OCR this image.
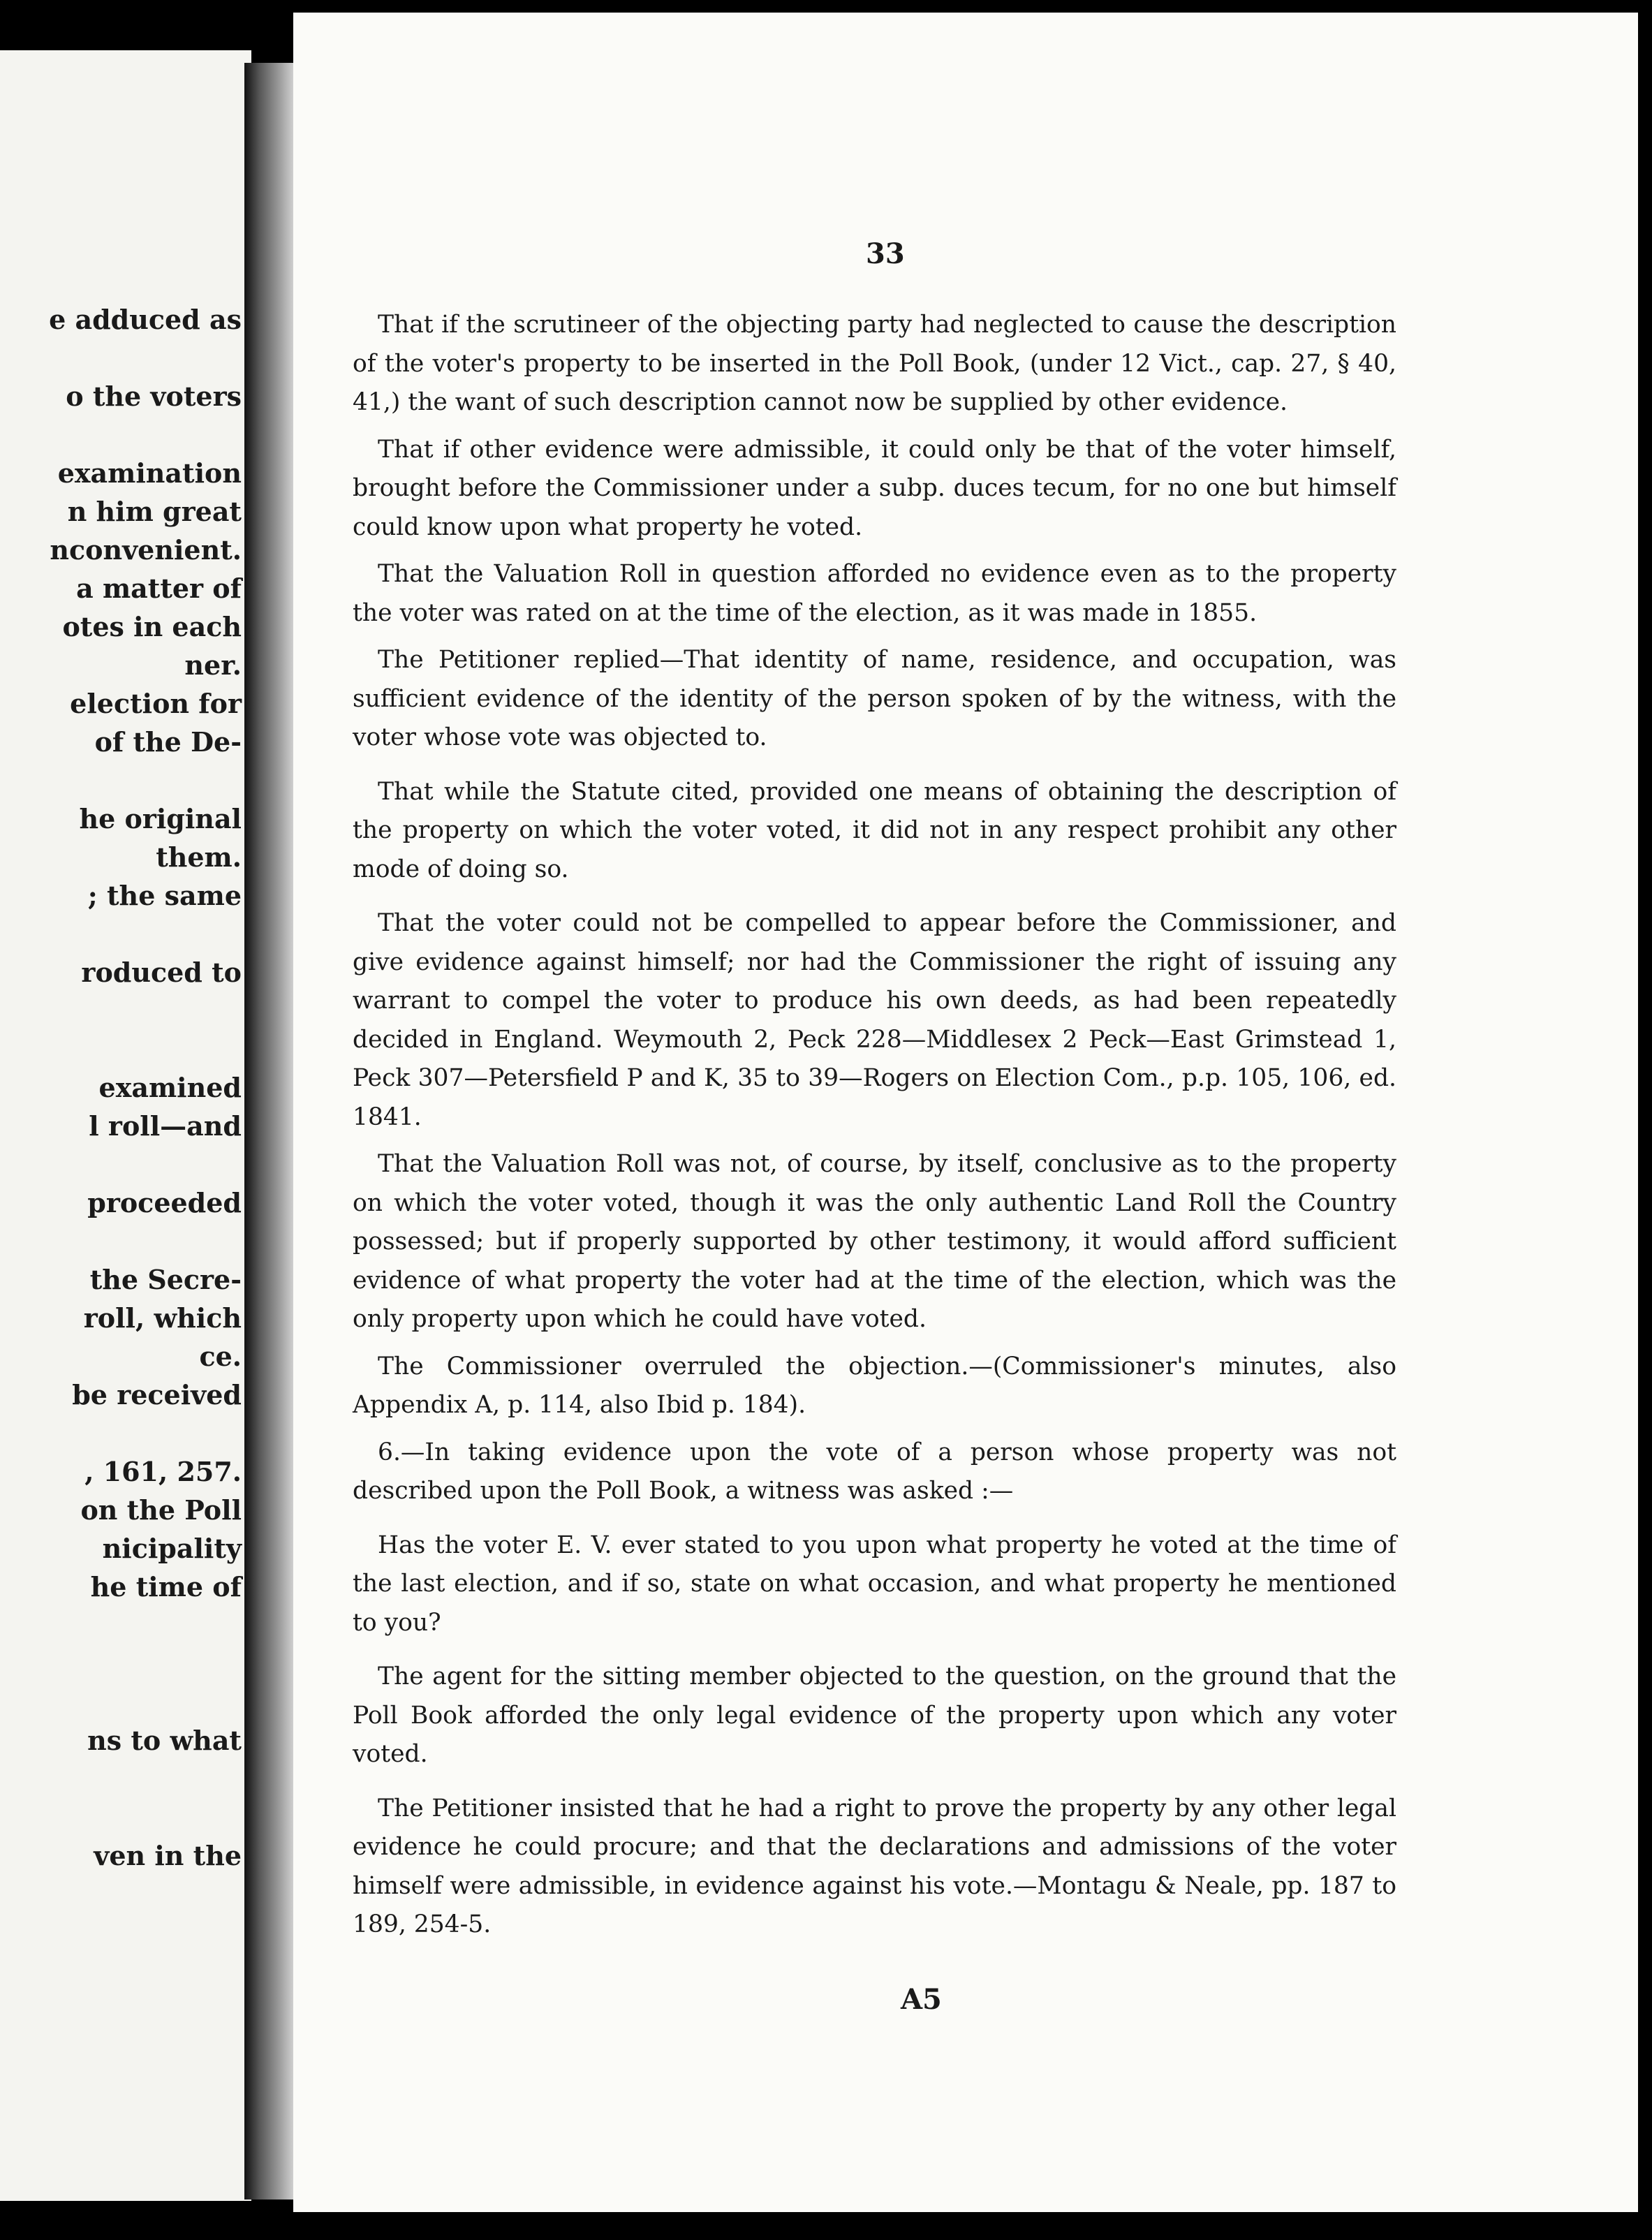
e adduced as
o the voters
examination
n him great
nconvenient.
a matter of
otes in each
ner.
election for
of the De-
he original
them.
; the same
roduced to
examined
l roll—and
proceeded
the Secre-
roll, which
ce.
be received
, 161, 257.
on the Poll
nicipality
he time of
ns to what
ven in the
33

That if the scrutineer of the objecting party had neglected to cause the description of the voter's property to be inserted in the Poll Book, (under 12 Vict., cap. 27, § 40, 41,) the want of such description cannot now be supplied by other evidence.

That if other evidence were admissible, it could only be that of the voter himself, brought before the Commissioner under a subp. duces tecum, for no one but himself could know upon what property he voted.

That the Valuation Roll in question afforded no evidence even as to the property the voter was rated on at the time of the election, as it was made in 1855.

The Petitioner replied—That identity of name, residence, and occupation, was sufficient evidence of the identity of the person spoken of by the witness, with the voter whose vote was objected to.

That while the Statute cited, provided one means of obtaining the description of the property on which the voter voted, it did not in any respect prohibit any other mode of doing so.

That the voter could not be compelled to appear before the Commissioner, and give evidence against himself; nor had the Commissioner the right of issuing any warrant to compel the voter to produce his own deeds, as had been repeatedly decided in England. Weymouth 2, Peck 228—Middlesex 2 Peck—East Grimstead 1, Peck 307—Petersfield P and K, 35 to 39—Rogers on Election Com., p.p. 105, 106, ed. 1841.

That the Valuation Roll was not, of course, by itself, conclusive as to the property on which the voter voted, though it was the only authentic Land Roll the Country possessed; but if properly supported by other testimony, it would afford sufficient evidence of what property the voter had at the time of the election, which was the only property upon which he could have voted.

The Commissioner overruled the objection.—(Commissioner's minutes, also Appendix A, p. 114, also Ibid p. 184).

6.—In taking evidence upon the vote of a person whose property was not described upon the Poll Book, a witness was asked :—

Has the voter E. V. ever stated to you upon what property he voted at the time of the last election, and if so, state on what occasion, and what property he mentioned to you?

The agent for the sitting member objected to the question, on the ground that the Poll Book afforded the only legal evidence of the property upon which any voter voted.

The Petitioner insisted that he had a right to prove the property by any other legal evidence he could procure; and that the declarations and admissions of the voter himself were admissible, in evidence against his vote.—Montagu & Neale, pp. 187 to 189, 254-5.

A5
